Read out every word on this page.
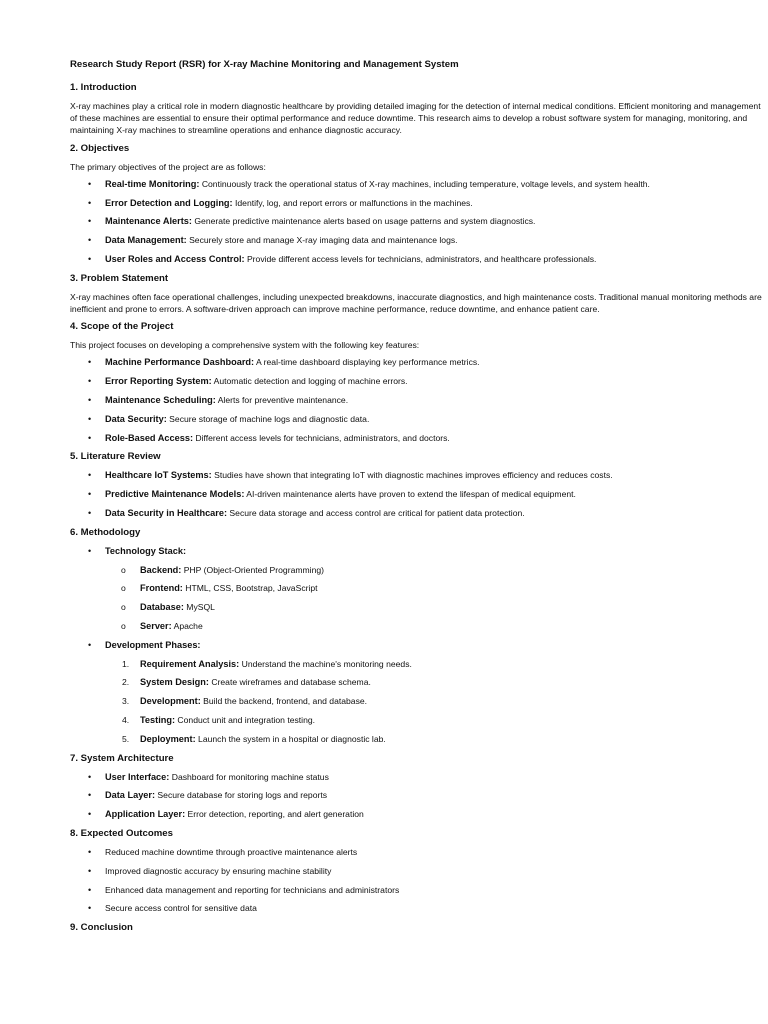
Research Study Report (RSR) for X-ray Machine Monitoring and Management System
1. Introduction

X-ray machines play a critical role in modern diagnostic healthcare by providing detailed imaging for the detection of internal medical conditions. Efficient monitoring and management of these machines are essential to ensure their optimal performance and reduce downtime. This research aims to develop a robust software system for managing, monitoring, and maintaining X-ray machines to streamline operations and enhance diagnostic accuracy.

2. Objectives

The primary objectives of the project are as follows:

• Real-time Monitoring: Continuously track the operational status of X-ray machines, including temperature, voltage levels, and system health.
• Error Detection and Logging: Identify, log, and report errors or malfunctions in the machines.
• Maintenance Alerts: Generate predictive maintenance alerts based on usage patterns and system diagnostics.
• Data Management: Securely store and manage X-ray imaging data and maintenance logs.
• User Roles and Access Control: Provide different access levels for technicians, administrators, and healthcare professionals.
3. Problem Statement

X-ray machines often face operational challenges, including unexpected breakdowns, inaccurate diagnostics, and high maintenance costs. Traditional manual monitoring methods are inefficient and prone to errors. A software-driven approach can improve machine performance, reduce downtime, and enhance patient care.

4. Scope of the Project

This project focuses on developing a comprehensive system with the following key features:

• Machine Performance Dashboard: A real-time dashboard displaying key performance metrics.
• Error Reporting System: Automatic detection and logging of machine errors.
• Maintenance Scheduling: Alerts for preventive maintenance.
• Data Security: Secure storage of machine logs and diagnostic data.
• Role-Based Access: Different access levels for technicians, administrators, and doctors.
5. Literature Review
• Healthcare IoT Systems: Studies have shown that integrating IoT with diagnostic machines improves efficiency and reduces costs.
• Predictive Maintenance Models: AI-driven maintenance alerts have proven to extend the lifespan of medical equipment.
• Data Security in Healthcare: Secure data storage and access control are critical for patient data protection.
6. Methodology
• Technology Stack:
o Backend: PHP (Object-Oriented Programming)
o Frontend: HTML, CSS, Bootstrap, JavaScript
o Database: MySQL
o Server: Apache
• Development Phases:
1. Requirement Analysis: Understand the machine's monitoring needs.
2. System Design: Create wireframes and database schema.
3. Development: Build the backend, frontend, and database.
4. Testing: Conduct unit and integration testing.
5. Deployment: Launch the system in a hospital or diagnostic lab.
7. System Architecture
• User Interface: Dashboard for monitoring machine status
• Data Layer: Secure database for storing logs and reports
• Application Layer: Error detection, reporting, and alert generation
8. Expected Outcomes
• Reduced machine downtime through proactive maintenance alerts
• Improved diagnostic accuracy by ensuring machine stability
• Enhanced data management and reporting for technicians and administrators
• Secure access control for sensitive data
9. Conclusion
